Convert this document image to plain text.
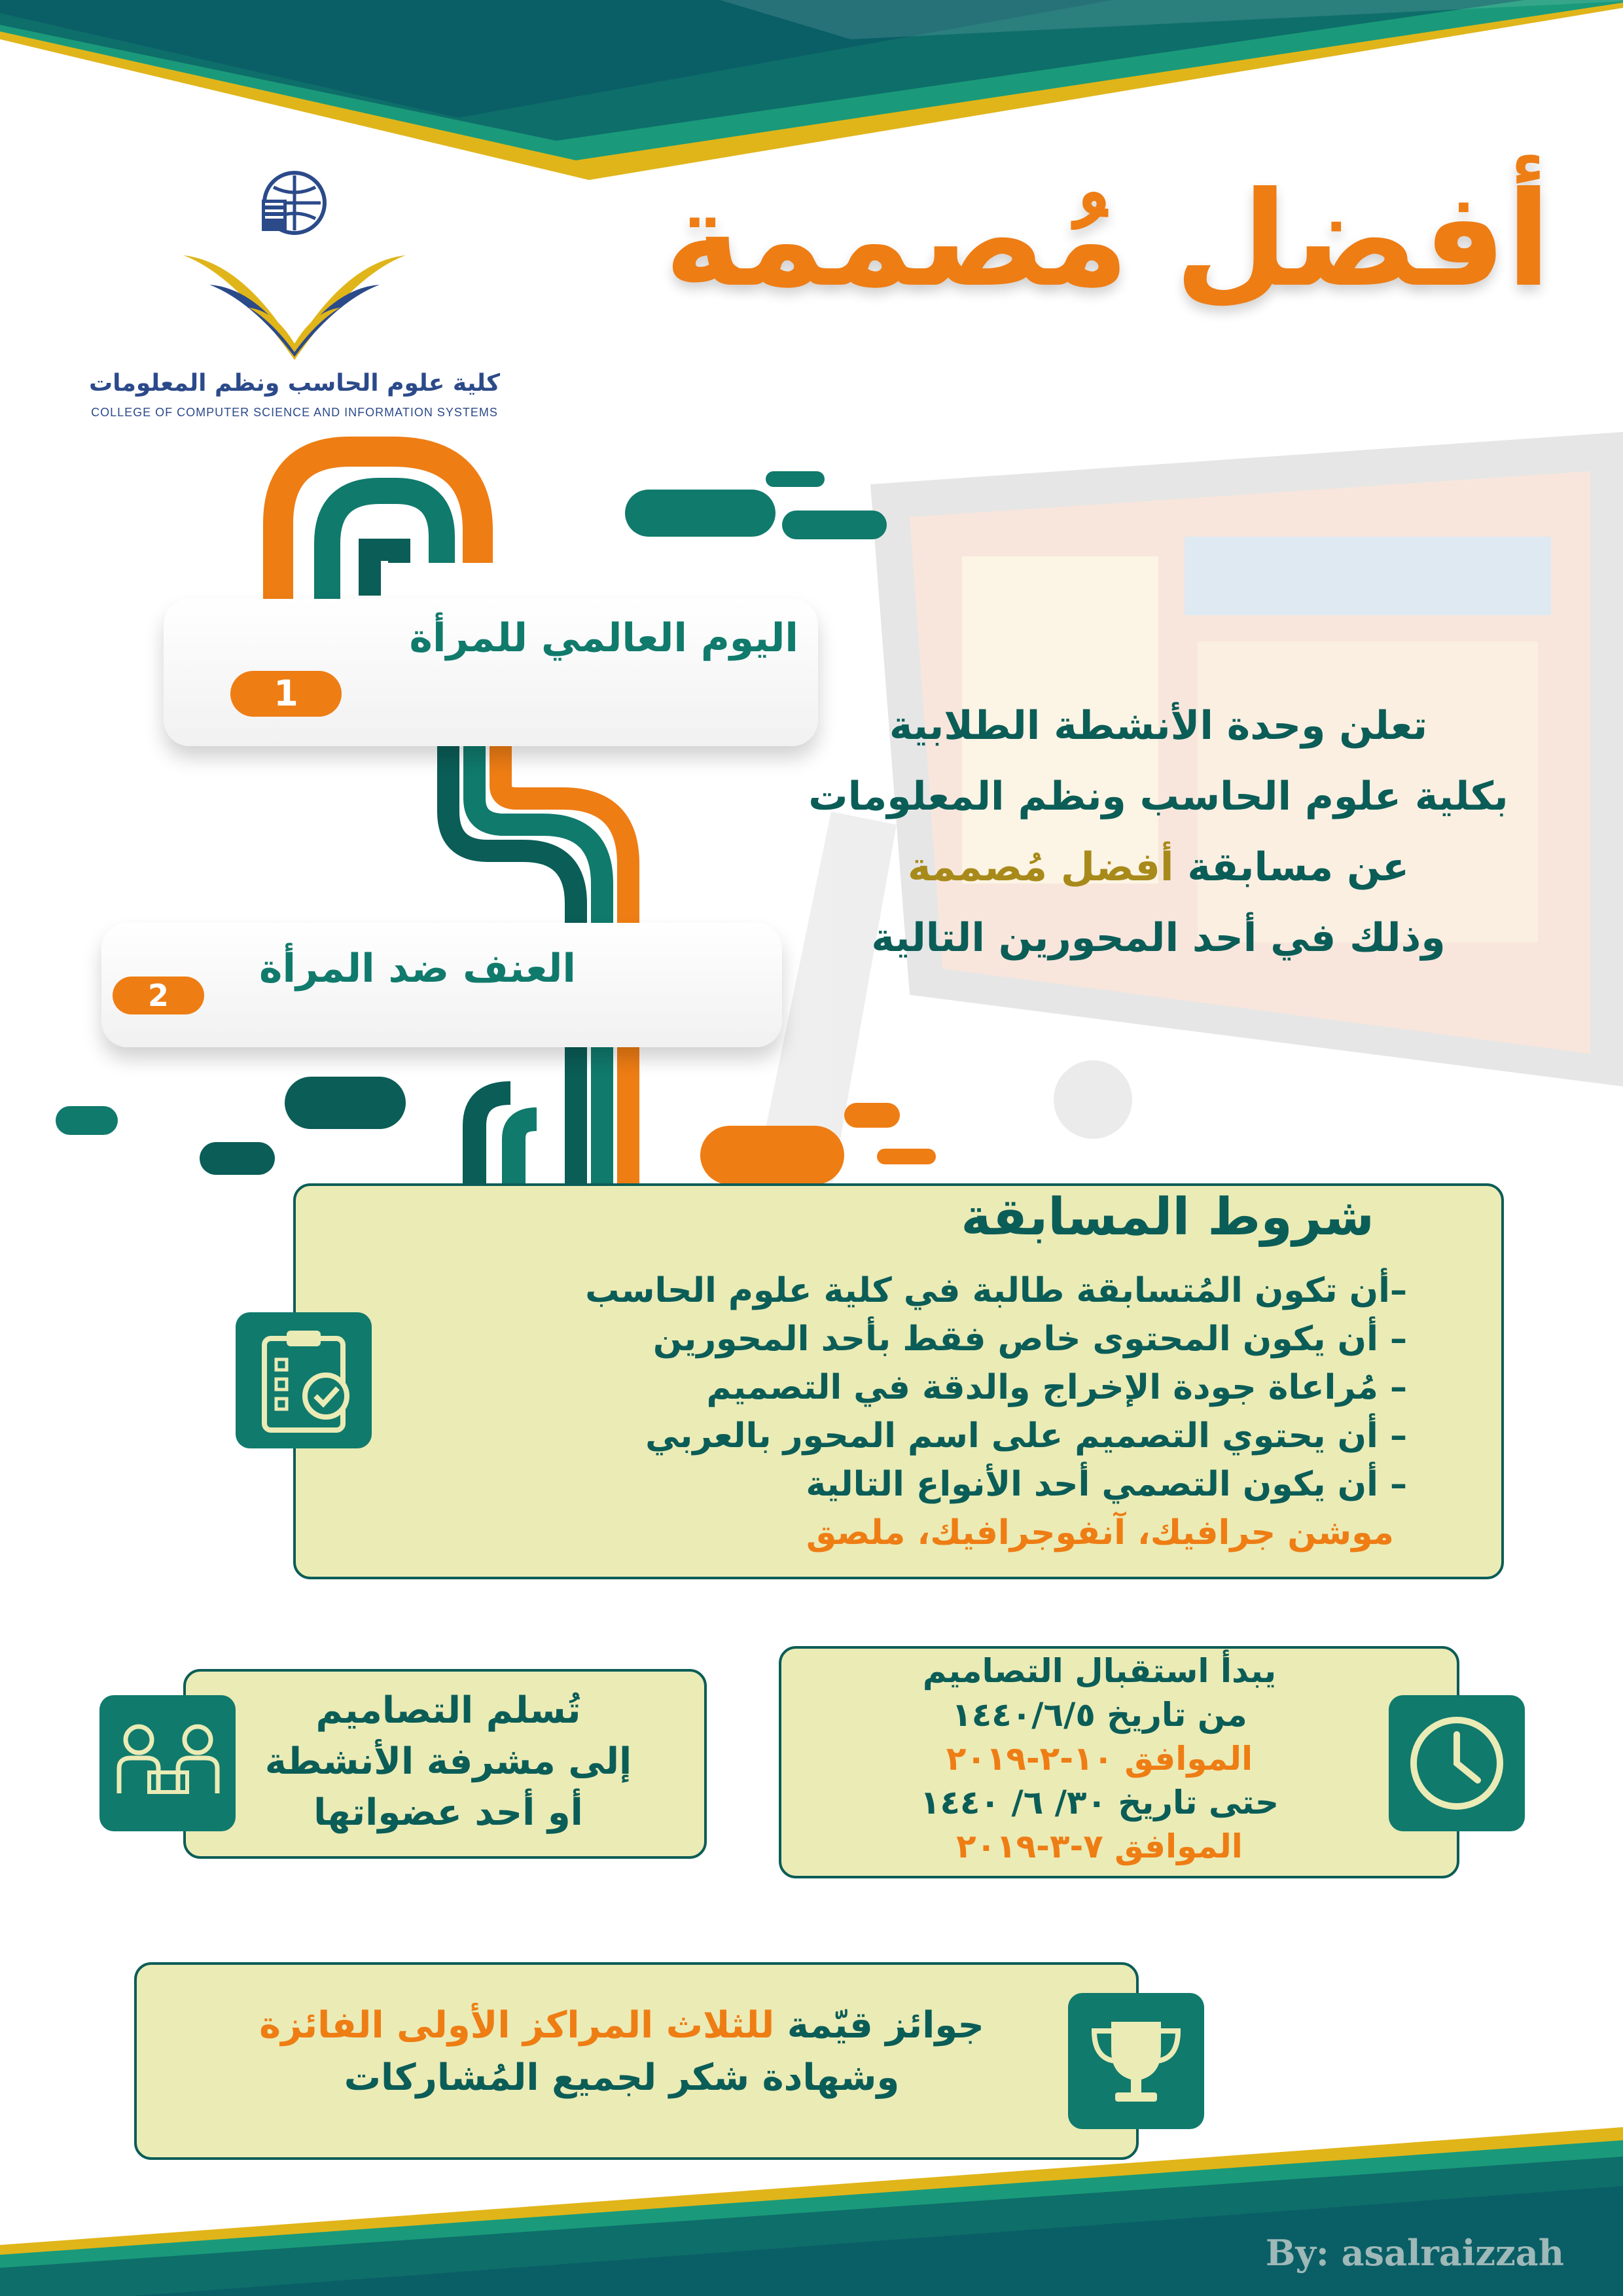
كلية علوم الحاسب ونظم المعلومات
COLLEGE OF COMPUTER SCIENCE AND INFORMATION SYSTEMS
أفضل مُصممة
1
اليوم العالمي للمرأة
2
العنف ضد المرأة
تعلن وحدة الأنشطة الطلابية
بكلية علوم الحاسب ونظم المعلومات
عن مسابقة أفضل مُصممة
وذلك في أحد المحورين التالية
شروط المسابقة
–أن تكون المُتسابقة طالبة في كلية علوم الحاسب
– أن يكون المحتوى خاص فقط بأحد المحورين
– مُراعاة جودة الإخراج والدقة في التصميم
– أن يحتوي التصميم على اسم المحور بالعربي
– أن يكون التصمي أحد الأنواع التالية
موشن جرافيك، آنفوجرافيك، ملصق
تُسلم التصاميم
إلى مشرفة الأنشطة
أو أحد عضواتها
يبدأ استقبال التصاميم
من تاريخ ١٤٤٠/٦/٥
الموافق ١٠-٢-٢٠١٩
حتى تاريخ ٣٠/ ٦/ ١٤٤٠
الموافق ٧-٣-٢٠١٩
جوائز قيّمة للثلاث المراكز الأولى الفائزة
وشهادة شكر لجميع المُشاركات
By: asalraizzah
